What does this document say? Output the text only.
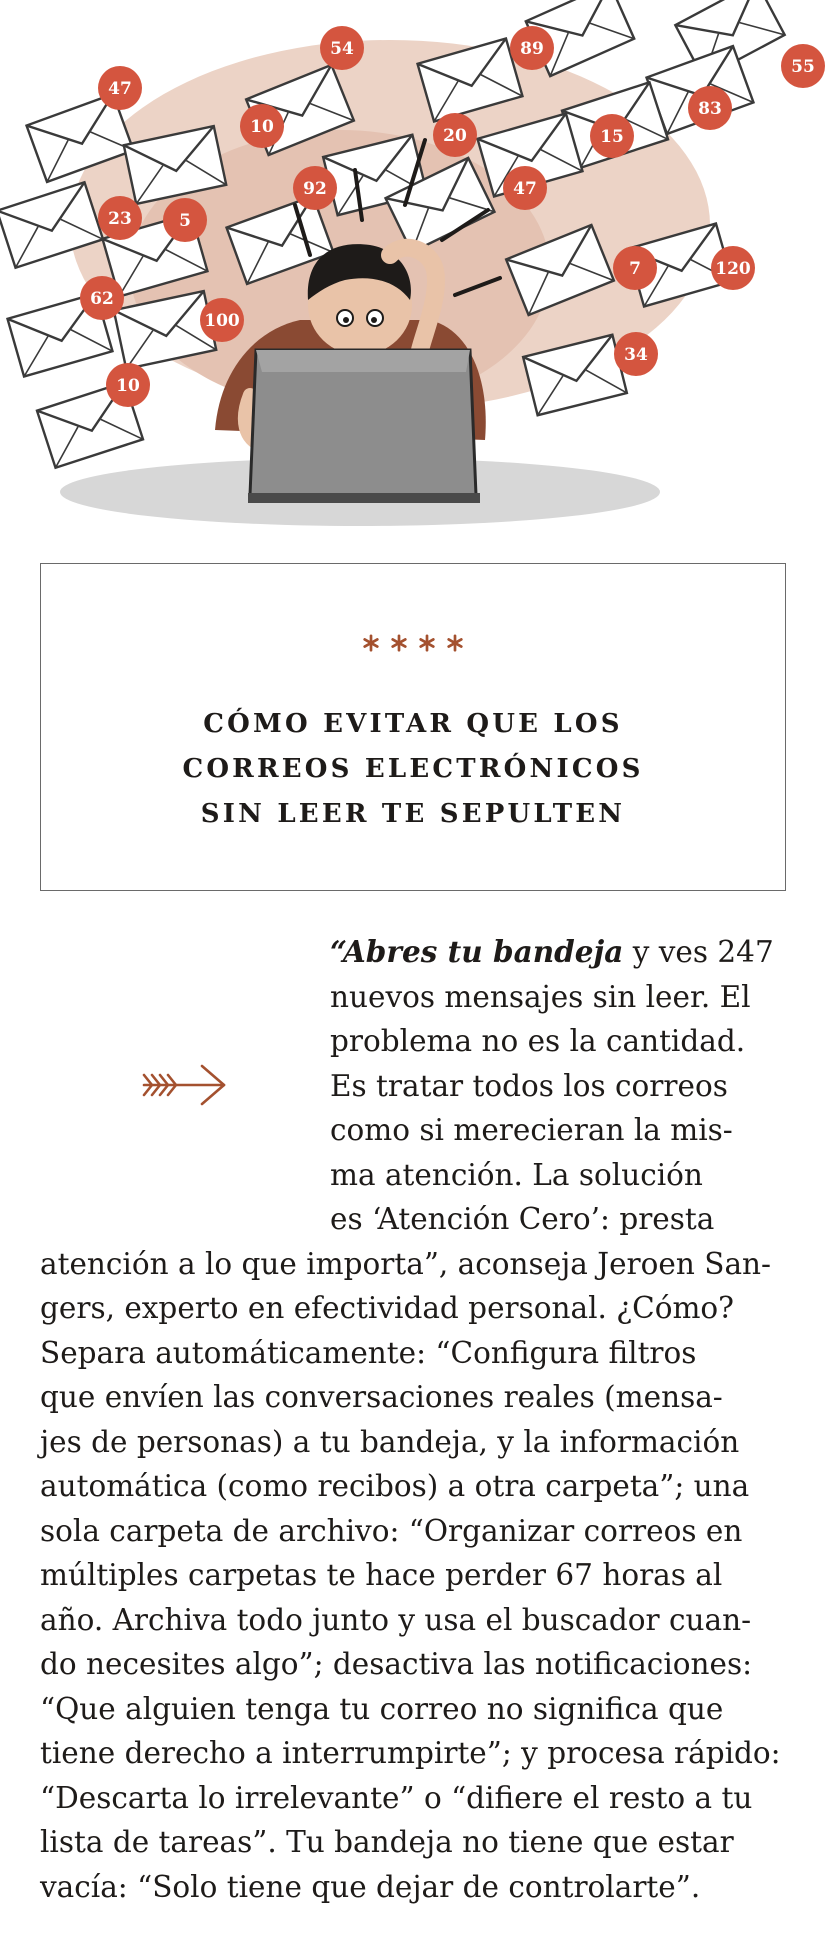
47
54	89
55
10	20
83
15
92	47
23	5
62
100
10
7	120
34
CÓMO EVITAR QUE LOS
CORREOS ELECTRÓNICOS
SIN LEER TE SEPULTEN
“Abres tu bandeja y ves 247
nuevos mensajes sin leer. El
problema no es la cantidad.
Es tratar todos los correos
como si merecieran la mis-
ma atención. La solución
es ‘Atención Cero’: presta
atención a lo que importa”, aconseja Jeroen San-
gers, experto en efectividad personal. ¿Cómo?
Separa automáticamente: “Configura filtros
que envíen las conversaciones reales (mensa-
jes de personas) a tu bandeja, y la información
automática (como recibos) a otra carpeta”; una
sola carpeta de archivo: “Organizar correos en
múltiples carpetas te hace perder 67 horas al
año. Archiva todo junto y usa el buscador cuan-
do necesites algo”; desactiva las notificaciones:
“Que alguien tenga tu correo no significa que
tiene derecho a interrumpirte”; y procesa rápido:
“Descarta lo irrelevante” o “difiere el resto a tu
lista de tareas”. Tu bandeja no tiene que estar
vacía: “Solo tiene que dejar de controlarte”.
